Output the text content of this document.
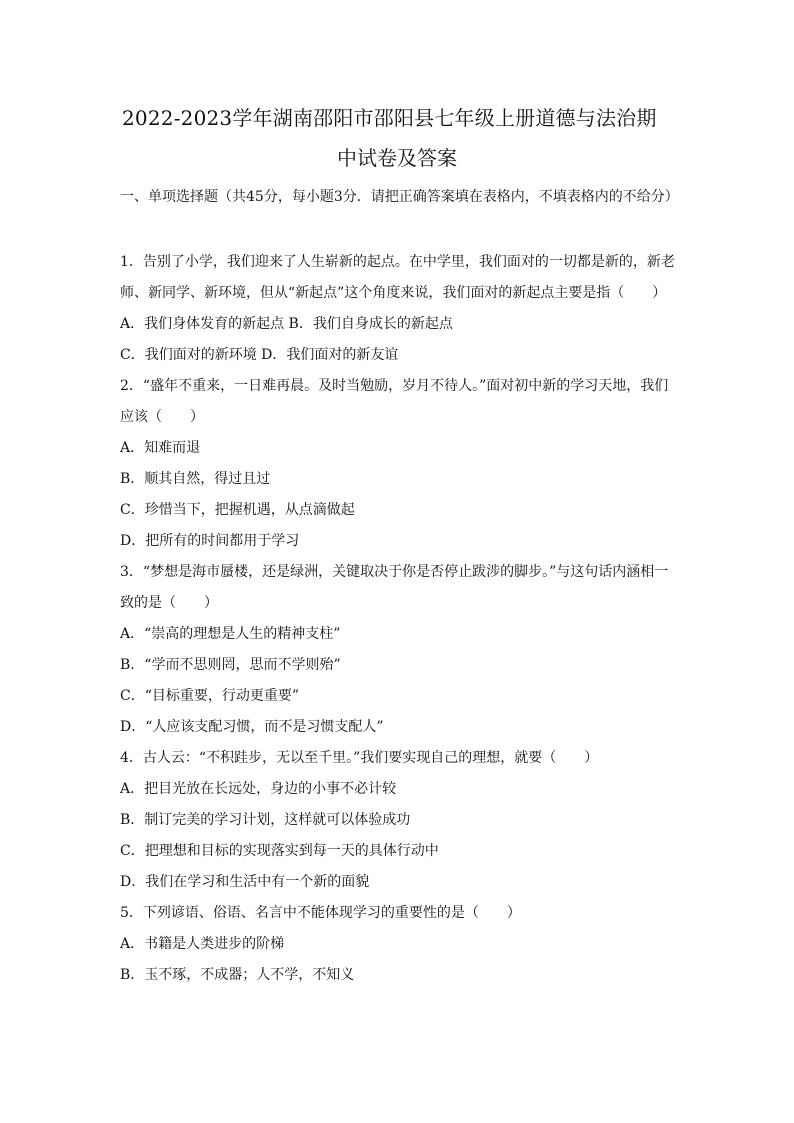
2022-2023学年湖南邵阳市邵阳县七年级上册道德与法治期
中试卷及答案
一、单项选择题（共45分，每小题3分．请把正确答案填在表格内，不填表格内的不给分）
1．告别了小学，我们迎来了人生崭新的起点。在中学里，我们面对的一切都是新的，新老师、新同学、新环境，但从“新起点”这个角度来说，我们面对的新起点主要是指（　　）
A．我们身体发育的新起点 B．我们自身成长的新起点
C．我们面对的新环境 D．我们面对的新友谊
2．“盛年不重来，一日难再晨。及时当勉励，岁月不待人。”面对初中新的学习天地，我们应该（　　）
A．知难而退
B．顺其自然，得过且过
C．珍惜当下，把握机遇，从点滴做起
D．把所有的时间都用于学习
3．“梦想是海市蜃楼，还是绿洲，关键取决于你是否停止跋涉的脚步。”与这句话内涵相一致的是（　　）
A．“崇高的理想是人生的精神支柱”
B．“学而不思则罔，思而不学则殆”
C．“目标重要，行动更重要”
D．“人应该支配习惯，而不是习惯支配人”
4．古人云：“不积跬步，无以至千里。”我们要实现自己的理想，就要（　　）
A．把目光放在长远处，身边的小事不必计较
B．制订完美的学习计划，这样就可以体验成功
C．把理想和目标的实现落实到每一天的具体行动中
D．我们在学习和生活中有一个新的面貌
5．下列谚语、俗语、名言中不能体现学习的重要性的是（　　）
A．书籍是人类进步的阶梯
B．玉不琢，不成器；人不学，不知义
